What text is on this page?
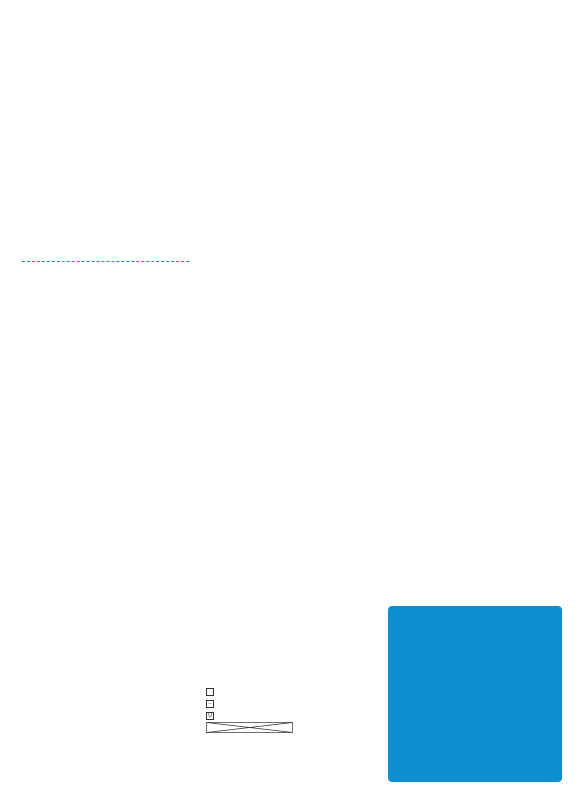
–
U
